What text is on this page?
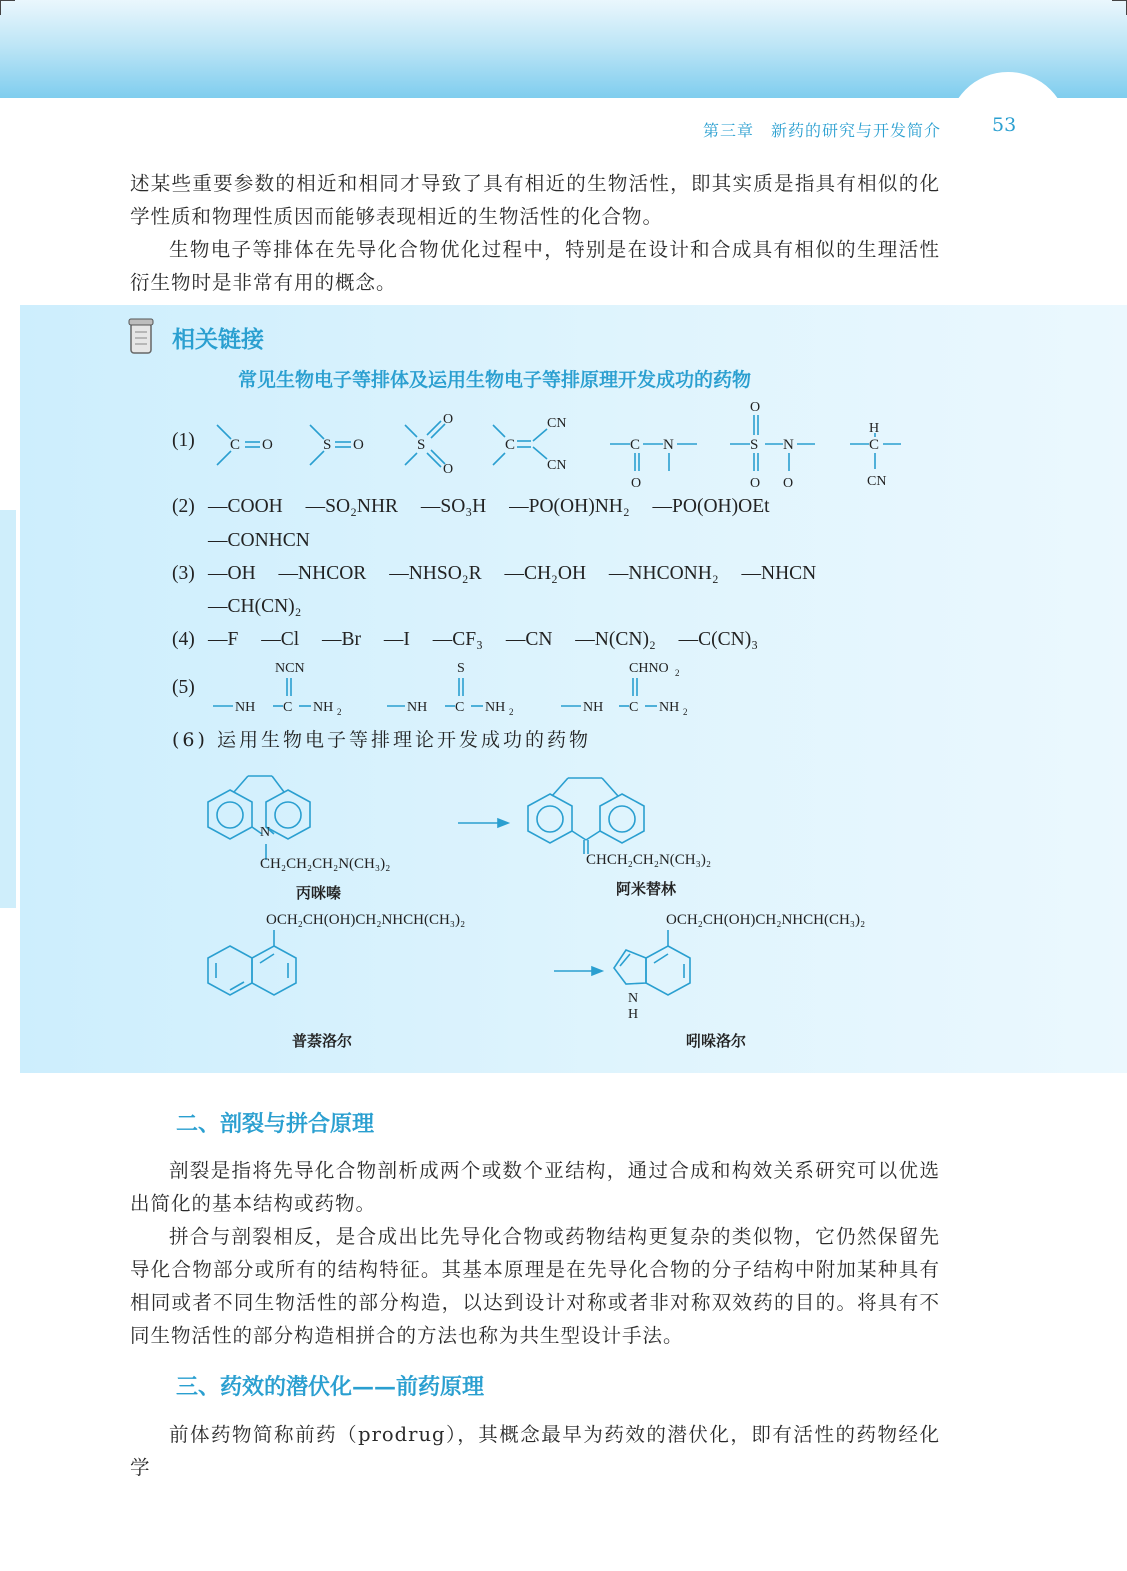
第三章　新药的研究与开发简介	53
述某些重要参数的相近和相同才导致了具有相近的生物活性，即其实质是指具有相似的化学性质和物理性质因而能够表现相近的生物活性的化合物。
生物电子等排体在先导化合物优化过程中，特别是在设计和合成具有相似的生理活性衍生物时是非常有用的概念。
相关链接
常见生物电子等排体及运用生物电子等排原理开发成功的药物
(1) C O	S O	S
O
O
C
CN
CN
C N
O
O
S N
O O
H
C
CN
(2) —COOH —SO₂NHR —SO₃H —PO(OH)NH₂ —PO(OH)OEt
—CONHCN
(3) —OH —NHCOR —NHSO₂R —CH₂OH —NHCONH₂ —NHCN
—CH(CN)₂
(4) —F —Cl —Br —I —CF₃ —CN —N(CN)₂ —C(CN)₃
(5)
NCN
NH C NH 2
S
NH C NH 2
CHNO 2
NH C NH 2
(6) 运用生物电子等排理论开发成功的药物
N
N
H
CH₂CH₂CH₂N(CH₃)₂
丙咪嗪
CHCH₂CH₂N(CH₃)₂
阿米替林
OCH₂CH(OH)CH₂NHCH(CH₃)₂
普萘洛尔
OCH₂CH(OH)CH₂NHCH(CH₃)₂
吲哚洛尔
二、剖裂与拼合原理
剖裂是指将先导化合物剖析成两个或数个亚结构，通过合成和构效关系研究可以优选出简化的基本结构或药物。
拼合与剖裂相反，是合成出比先导化合物或药物结构更复杂的类似物，它仍然保留先导化合物部分或所有的结构特征。其基本原理是在先导化合物的分子结构中附加某种具有相同或者不同生物活性的部分构造，以达到设计对称或者非对称双效药的目的。将具有不同生物活性的部分构造相拼合的方法也称为共生型设计手法。
三、药效的潜伏化——前药原理
前体药物简称前药（prodrug），其概念最早为药效的潜伏化，即有活性的药物经化学
